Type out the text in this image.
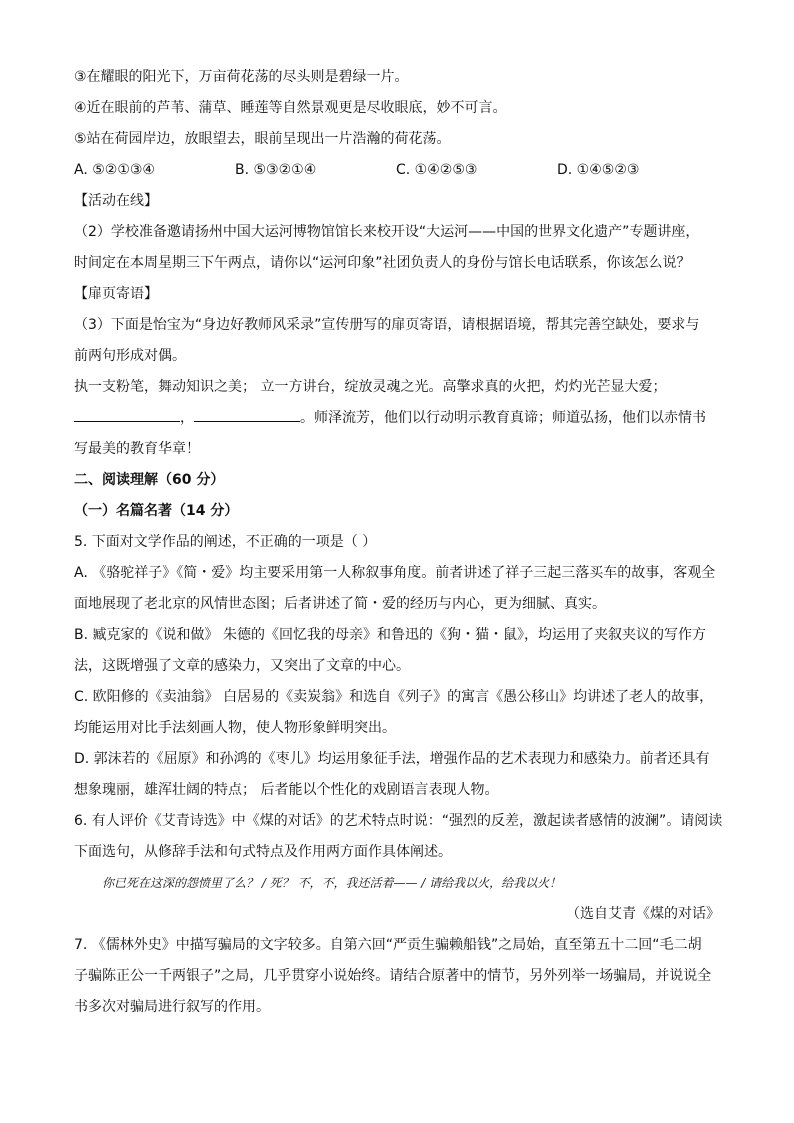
③在耀眼的阳光下，万亩荷花荡的尽头则是碧绿一片。
④近在眼前的芦苇、蒲草、睡莲等自然景观更是尽收眼底，妙不可言。
⑤站在荷园岸边，放眼望去，眼前呈现出一片浩瀚的荷花荡。
A. ⑤②①③④	B. ⑤③②①④	C. ①④②⑤③	D. ①④⑤②③
【活动在线】
（2）学校准备邀请扬州中国大运河博物馆馆长来校开设“大运河——中国的世界文化遗产”专题讲座，
时间定在本周星期三下午两点，请你以“运河印象”社团负责人的身份与馆长电话联系，你该怎么说？
【扉页寄语】
（3）下面是怡宝为“身边好教师风采录”宣传册写的扉页寄语，请根据语境，帮其完善空缺处，要求与
前两句形成对偶。
执一支粉笔，舞动知识之美； 立一方讲台，绽放灵魂之光。高擎求真的火把，灼灼光芒显大爱；
，	。师泽流芳，他们以行动明示教育真谛；师道弘扬，他们以赤情书
写最美的教育华章！
二、阅读理解（60 分）
（一）名篇名著（14 分）
5. 下面对文学作品的阐述，不正确的一项是（ ）
A. 《骆驼祥子》《简・爱》均主要采用第一人称叙事角度。前者讲述了祥子三起三落买车的故事，客观全
面地展现了老北京的风情世态图；后者讲述了简・爱的经历与内心，更为细腻、真实。
B. 臧克家的《说和做》 朱德的《回忆我的母亲》和鲁迅的《狗・猫・鼠》，均运用了夹叙夹议的写作方
法，这既增强了文章的感染力，又突出了文章的中心。
C. 欧阳修的《卖油翁》 白居易的《卖炭翁》和选自《列子》的寓言《愚公移山》均讲述了老人的故事，
均能运用对比手法刻画人物，使人物形象鲜明突出。
D. 郭沫若的《屈原》和孙鸿的《枣儿》均运用象征手法，增强作品的艺术表现力和感染力。前者还具有
想象瑰丽，雄浑壮阔的特点； 后者能以个性化的戏剧语言表现人物。
6. 有人评价《艾青诗选》中《煤的对话》的艺术特点时说：“强烈的反差，激起读者感情的波澜”。请阅读
下面选句，从修辞手法和句式特点及作用两方面作具体阐述。
你已死在这深的怨愤里了么？ / 死？ 不，不，我还活着—— / 请给我以火，给我以火！
（选自艾青《煤的对话》
7. 《儒林外史》中描写骗局的文字较多。自第六回“严贡生骗赖船钱”之局始，直至第五十二回“毛二胡
子骗陈正公一千两银子”之局，几乎贯穿小说始终。请结合原著中的情节，另外列举一场骗局，并说说全
书多次对骗局进行叙写的作用。
